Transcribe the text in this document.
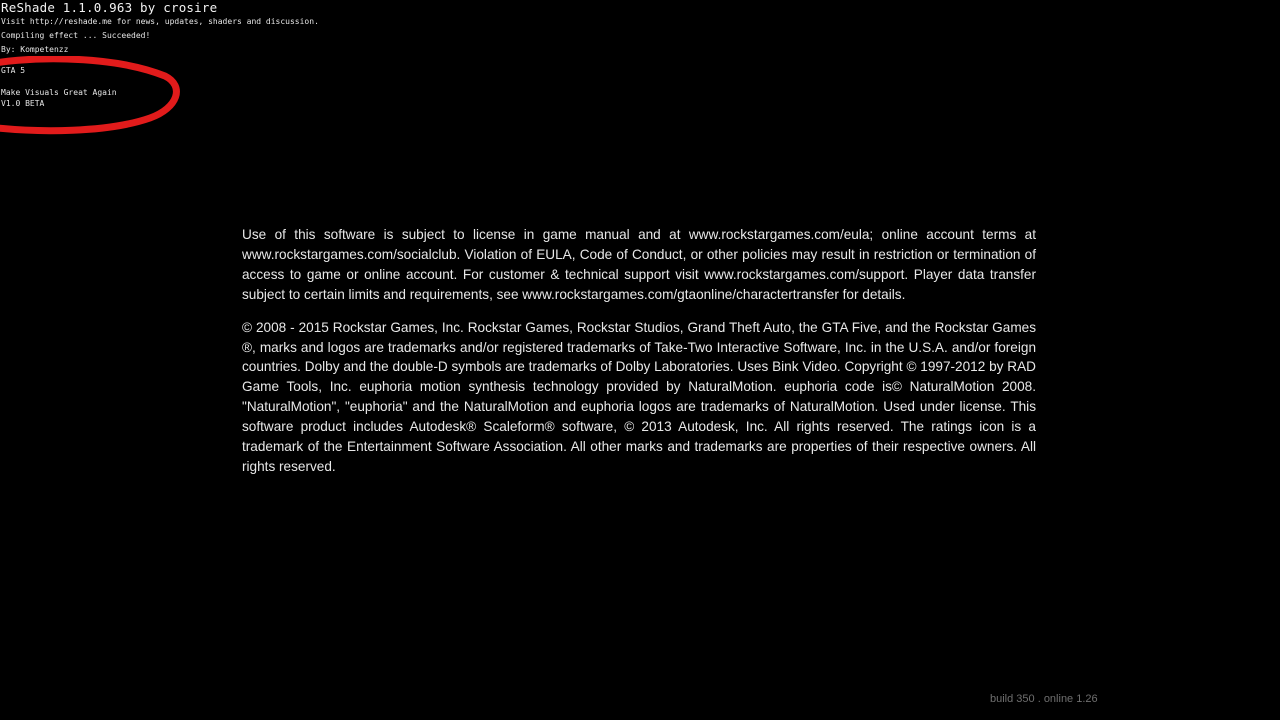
ReShade 1.1.0.963 by crosire
Visit http://reshade.me for news, updates, shaders and discussion.
Compiling effect ... Succeeded!
By: Kompetenzz
GTA 5
Make Visuals Great Again
V1.0 BETA

Use of this software is subject to license in game manual and at www.rockstargames.com/eula; online account terms at www.rockstargames.com/socialclub. Violation of EULA, Code of Conduct, or other policies may result in restriction or termination of access to game or online account. For customer & technical support visit www.rockstargames.com/support. Player data transfer subject to certain limits and requirements, see www.rockstargames.com/gtaonline/charactertransfer for details.

© 2008 - 2015 Rockstar Games, Inc. Rockstar Games, Rockstar Studios, Grand Theft Auto, the GTA Five, and the Rockstar Games ®, marks and logos are trademarks and/or registered trademarks of Take-Two Interactive Software, Inc. in the U.S.A. and/or foreign countries. Dolby and the double-D symbols are trademarks of Dolby Laboratories. Uses Bink Video. Copyright © 1997-2012 by RAD Game Tools, Inc. euphoria motion synthesis technology provided by NaturalMotion. euphoria code is© NaturalMotion 2008. "NaturalMotion", "euphoria" and the NaturalMotion and euphoria logos are trademarks of NaturalMotion. Used under license. This software product includes Autodesk® Scaleform® software, © 2013 Autodesk, Inc. All rights reserved. The ratings icon is a trademark of the Entertainment Software Association. All other marks and trademarks are properties of their respective owners. All rights reserved.

build 350 . online 1.26
